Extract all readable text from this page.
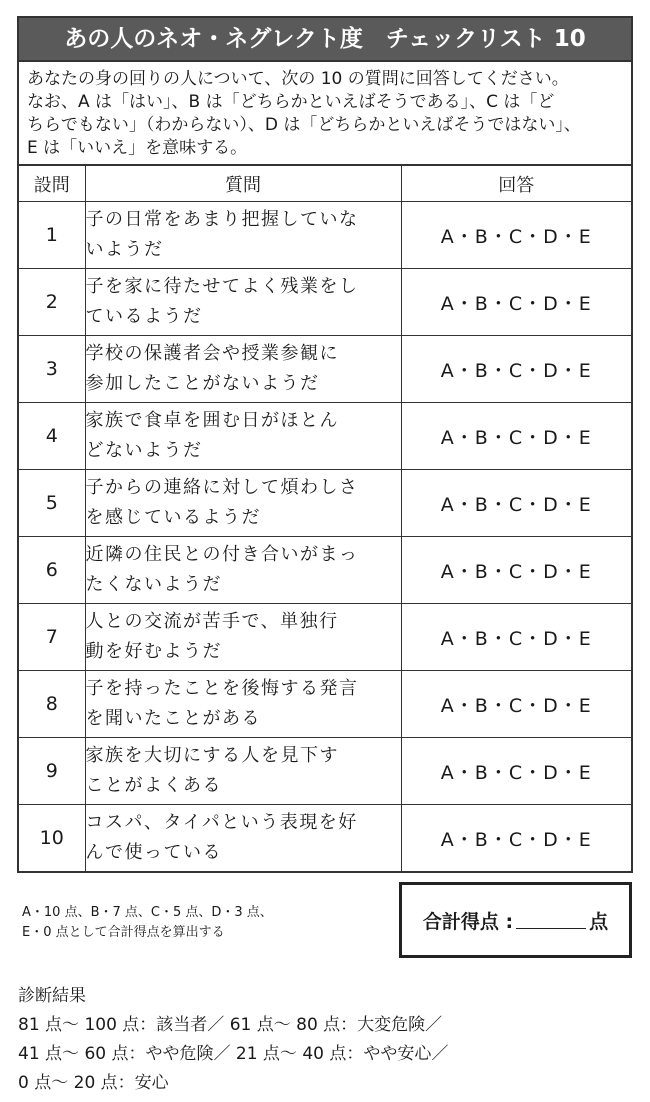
あの人のネオ・ネグレクト度　チェックリスト 10
あなたの身の回りの人について、次の 10 の質問に回答してください。
なお、A は「はい」、B は「どちらかといえばそうである」、C は「ど
ちらでもない」（わからない）、D は「どちらかといえばそうではない」、
E は「いいえ」を意味する。
設問	質問	回答
1	子の日常をあまり把握していな
いようだ	A・B・C・D・E
2	子を家に待たせてよく残業をし
ているようだ	A・B・C・D・E
3	学校の保護者会や授業参観に
参加したことがないようだ	A・B・C・D・E
4	家族で食卓を囲む日がほとん
どないようだ	A・B・C・D・E
5	子からの連絡に対して煩わしさ
を感じているようだ	A・B・C・D・E
6	近隣の住民との付き合いがまっ
たくないようだ	A・B・C・D・E
7	人との交流が苦手で、単独行
動を好むようだ	A・B・C・D・E
8	子を持ったことを後悔する発言
を聞いたことがある	A・B・C・D・E
9	家族を大切にする人を見下す
ことがよくある	A・B・C・D・E
10	コスパ、タイパという表現を好
んで使っている	A・B・C・D・E
A・10 点、B・7 点、C・5 点、D・3 点、
E・0 点として合計得点を算出する	合計得点 :	点
診断結果
81 点～ 100 点：該当者／ 61 点～ 80 点：大変危険／
41 点～ 60 点：やや危険／ 21 点～ 40 点：やや安心／
0 点～ 20 点：安心
